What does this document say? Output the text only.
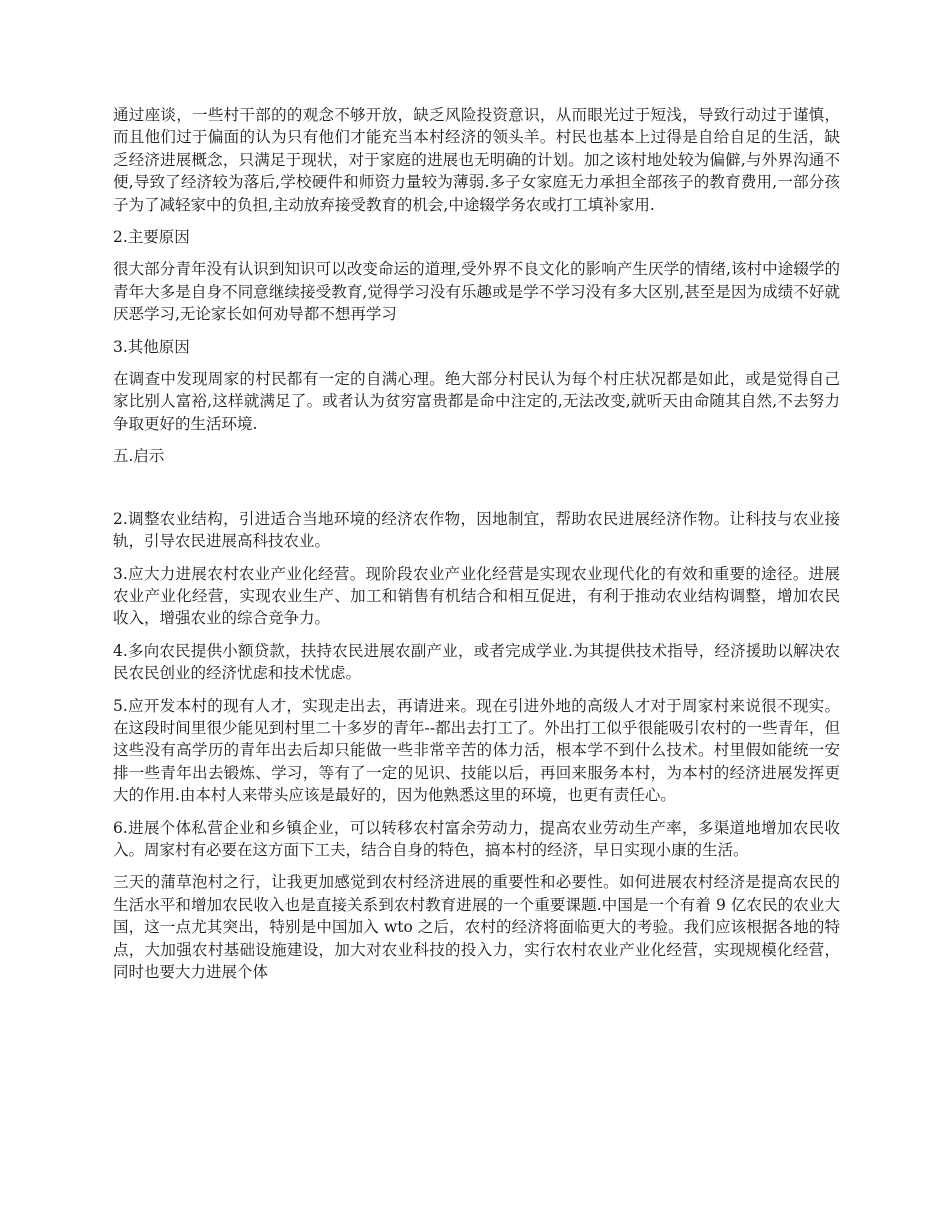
通过座谈，一些村干部的的观念不够开放，缺乏风险投资意识，从而眼光过于短浅，导致行动过于谨慎，而且他们过于偏面的认为只有他们才能充当本村经济的领头羊。村民也基本上过得是自给自足的生活，缺乏经济进展概念，只满足于现状，对于家庭的进展也无明确的计划。加之该村地处较为偏僻,与外界沟通不便,导致了经济较为落后,学校硬件和师资力量较为薄弱.多子女家庭无力承担全部孩子的教育费用,一部分孩子为了减轻家中的负担,主动放弃接受教育的机会,中途辍学务农或打工填补家用.

2.主要原因

很大部分青年没有认识到知识可以改变命运的道理,受外界不良文化的影响产生厌学的情绪,该村中途辍学的青年大多是自身不同意继续接受教育,觉得学习没有乐趣或是学不学习没有多大区别,甚至是因为成绩不好就厌恶学习,无论家长如何劝导都不想再学习

3.其他原因

在调查中发现周家的村民都有一定的自满心理。绝大部分村民认为每个村庄状况都是如此，或是觉得自己家比别人富裕,这样就满足了。或者认为贫穷富贵都是命中注定的,无法改变,就听天由命随其自然,不去努力争取更好的生活环境.

五.启示

2.调整农业结构，引进适合当地环境的经济农作物，因地制宜，帮助农民进展经济作物。让科技与农业接轨，引导农民进展高科技农业。

3.应大力进展农村农业产业化经营。现阶段农业产业化经营是实现农业现代化的有效和重要的途径。进展农业产业化经营，实现农业生产、加工和销售有机结合和相互促进，有利于推动农业结构调整，增加农民收入，增强农业的综合竞争力。

4.多向农民提供小额贷款，扶持农民进展农副产业，或者完成学业.为其提供技术指导，经济援助以解决农民农民创业的经济忧虑和技术忧虑。

5.应开发本村的现有人才，实现走出去，再请进来。现在引进外地的高级人才对于周家村来说很不现实。在这段时间里很少能见到村里二十多岁的青年--都出去打工了。外出打工似乎很能吸引农村的一些青年，但这些没有高学历的青年出去后却只能做一些非常辛苦的体力活，根本学不到什么技术。村里假如能统一安排一些青年出去锻炼、学习，等有了一定的见识、技能以后，再回来服务本村，为本村的经济进展发挥更大的作用.由本村人来带头应该是最好的，因为他熟悉这里的环境，也更有责任心。

6.进展个体私营企业和乡镇企业，可以转移农村富余劳动力，提高农业劳动生产率，多渠道地增加农民收入。周家村有必要在这方面下工夫，结合自身的特色，搞本村的经济，早日实现小康的生活。

三天的蒲草泡村之行，让我更加感觉到农村经济进展的重要性和必要性。如何进展农村经济是提高农民的生活水平和增加农民收入也是直接关系到农村教育进展的一个重要课题.中国是一个有着 9 亿农民的农业大国，这一点尤其突出，特别是中国加入 wto 之后，农村的经济将面临更大的考验。我们应该根据各地的特点，大加强农村基础设施建设，加大对农业科技的投入力，实行农村农业产业化经营，实现规模化经营，同时也要大力进展个体
